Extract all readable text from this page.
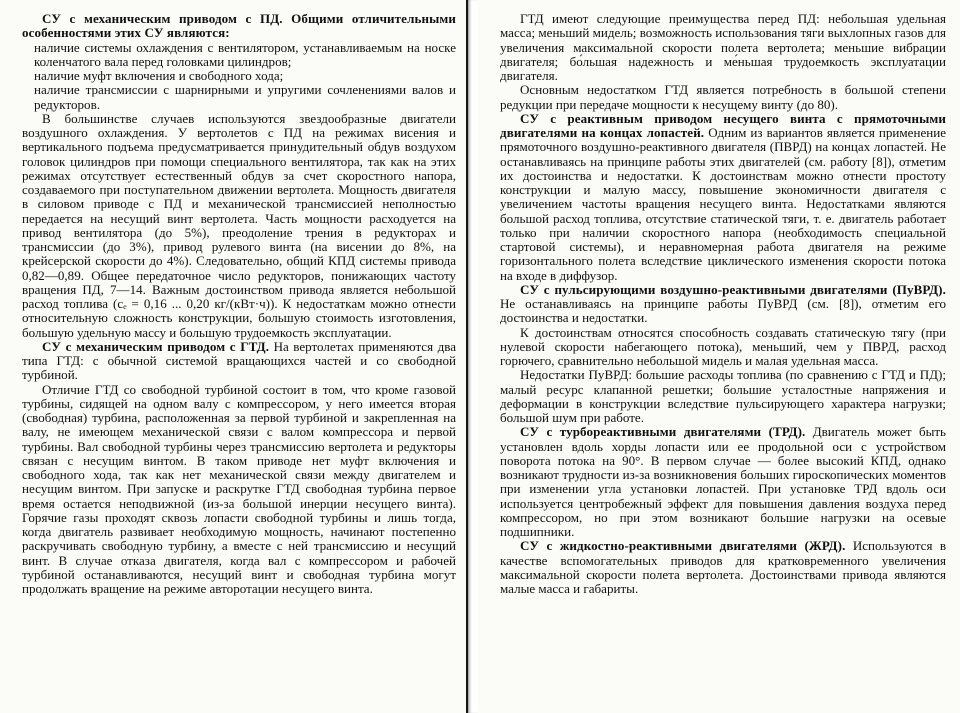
СУ с механическим приводом с ПД. Общими отличительными особенностями этих СУ являются:

наличие системы охлаждения с вентилятором, устанавливаемым на носке коленчатого вала перед головками цилиндров;

наличие муфт включения и свободного хода;

наличие трансмиссии с шарнирными и упругими сочленениями валов и редукторов.

В большинстве случаев используются звездообразные двигатели воздушного охлаждения. У вертолетов с ПД на режимах висения и вертикального подъема предусматривается принудительный обдув воздухом головок цилиндров при помощи специального вентилятора, так как на этих режимах отсутствует естественный обдув за счет скоростного напора, создаваемого при поступательном движении вертолета. Мощность двигателя в силовом приводе с ПД и механической трансмиссией неполностью передается на несущий винт вертолета. Часть мощности расходуется на привод вентилятора (до 5%), преодоление трения в редукторах и трансмиссии (до 3%), привод рулевого винта (на висении до 8%, на крейсерской скорости до 4%). Следовательно, общий КПД системы привода 0,82—0,89. Общее передаточное число редукторов, понижающих частоту вращения ПД, 7—14. Важным достоинством привода является небольшой расход топлива (cₑ = 0,16 ... 0,20 кг/(кВт·ч)). К недостаткам можно отнести относительную сложность конструкции, большую стоимость изготовления, большую удельную массу и большую трудоемкость эксплуатации.

СУ с механическим приводом с ГТД. На вертолетах применяются два типа ГТД: с обычной системой вращающихся частей и со свободной турбиной.

Отличие ГТД со свободной турбиной состоит в том, что кроме газовой турбины, сидящей на одном валу с компрессором, у него имеется вторая (свободная) турбина, расположенная за первой турбиной и закрепленная на валу, не имеющем механической связи с валом компрессора и первой турбины. Вал свободной турбины через трансмиссию вертолета и редукторы связан с несущим винтом. В таком приводе нет муфт включения и свободного хода, так как нет механической связи между двигателем и несущим винтом. При запуске и раскрутке ГТД свободная турбина первое время остается неподвижной (из-за большой инерции несущего винта). Горячие газы проходят сквозь лопасти свободной турбины и лишь тогда, когда двигатель развивает необходимую мощность, начинают постепенно раскручивать свободную турбину, а вместе с ней трансмиссию и несущий винт. В случае отказа двигателя, когда вал с компрессором и рабочей турбиной останавливаются, несущий винт и свободная турбина могут продолжать вращение на режиме авторотации несущего винта.

ГТД имеют следующие преимущества перед ПД: небольшая удельная масса; меньший мидель; возможность использования тяги выхлопных газов для увеличения максимальной скорости полета вертолета; меньшие вибрации двигателя; бо́льшая надежность и ме́ньшая трудоемкость эксплуатации двигателя.

Основным недостатком ГТД является потребность в большой степени редукции при передаче мощности к несущему винту (до 80).

СУ с реактивным приводом несущего винта с прямоточными двигателями на концах лопастей. Одним из вариантов является применение прямоточного воздушно-реактивного двигателя (ПВРД) на концах лопастей. Не останавливаясь на принципе работы этих двигателей (см. работу [8]), отметим их достоинства и недостатки. К достоинствам можно отнести простоту конструкции и малую массу, повышение экономичности двигателя с увеличением частоты вращения несущего винта. Недостатками являются большой расход топлива, отсутствие статической тяги, т. е. двигатель работает только при наличии скоростного напора (необходимость специальной стартовой системы), и неравномерная работа двигателя на режиме горизонтального полета вследствие циклического изменения скорости потока на входе в диффузор.

СУ с пульсирующими воздушно-реактивными двигателями (ПуВРД). Не останавливаясь на принципе работы ПуВРД (см. [8]), отметим его достоинства и недостатки.

К достоинствам относятся способность создавать статическую тягу (при нулевой скорости набегающего потока), меньший, чем у ПВРД, расход горючего, сравнительно небольшой мидель и малая удельная масса.

Недостатки ПуВРД: большие расходы топлива (по сравнению с ГТД и ПД); малый ресурс клапанной решетки; большие усталостные напряжения и деформации в конструкции вследствие пульсирующего характера нагрузки; большой шум при работе.

СУ с турбореактивными двигателями (ТРД). Двигатель может быть установлен вдоль хорды лопасти или ее продольной оси с устройством поворота потока на 90°. В первом случае — более высокий КПД, однако возникают трудности из-за возникновения больших гироскопических моментов при изменении угла установки лопастей. При установке ТРД вдоль оси используется центробежный эффект для повышения давления воздуха перед компрессором, но при этом возникают большие нагрузки на осевые подшипники.

СУ с жидкостно-реактивными двигателями (ЖРД). Используются в качестве вспомогательных приводов для кратковременного увеличения максимальной скорости полета вертолета. Достоинствами привода являются малые масса и габариты.
